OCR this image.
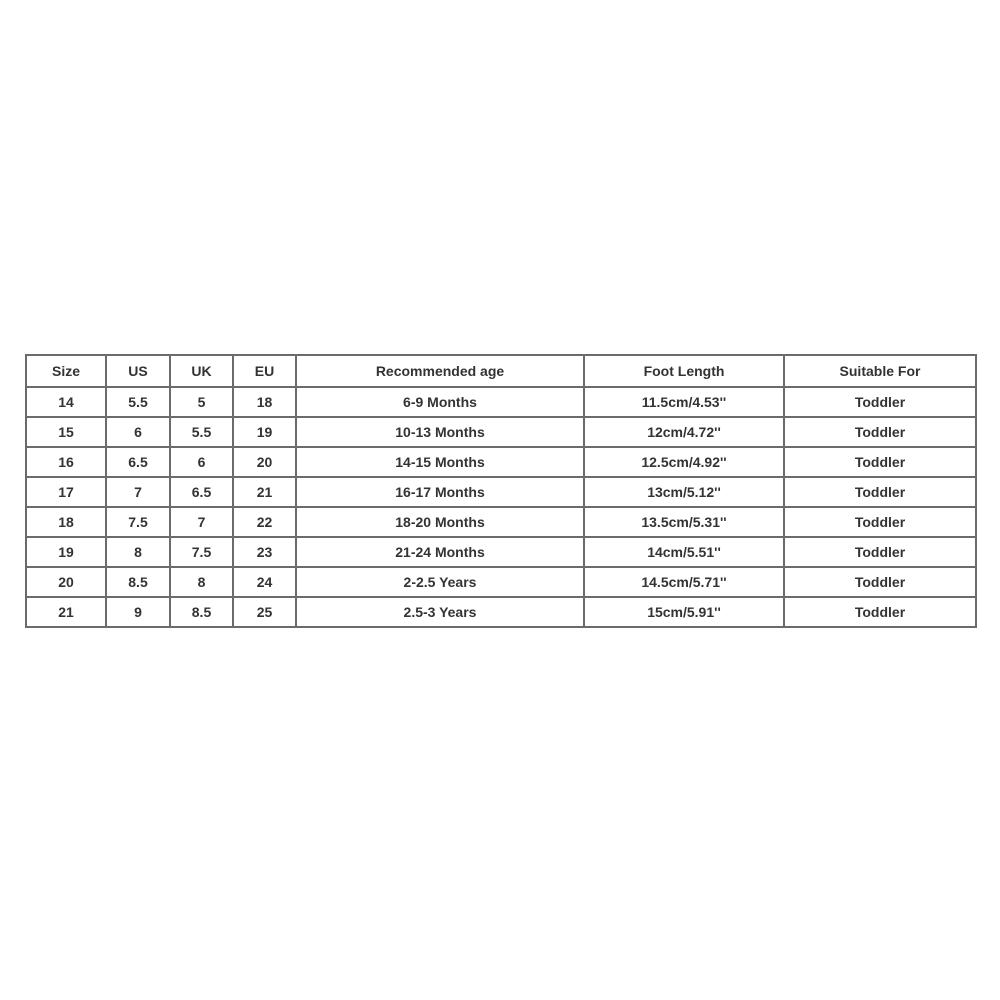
Size	US	UK	EU	Recommended age	Foot Length	Suitable For
14	5.5	5	18	6-9 Months	11.5cm/4.53''	Toddler
15	6	5.5	19	10-13 Months	12cm/4.72''	Toddler
16	6.5	6	20	14-15 Months	12.5cm/4.92''	Toddler
17	7	6.5	21	16-17 Months	13cm/5.12''	Toddler
18	7.5	7	22	18-20 Months	13.5cm/5.31''	Toddler
19	8	7.5	23	21-24 Months	14cm/5.51''	Toddler
20	8.5	8	24	2-2.5 Years	14.5cm/5.71''	Toddler
21	9	8.5	25	2.5-3 Years	15cm/5.91''	Toddler
